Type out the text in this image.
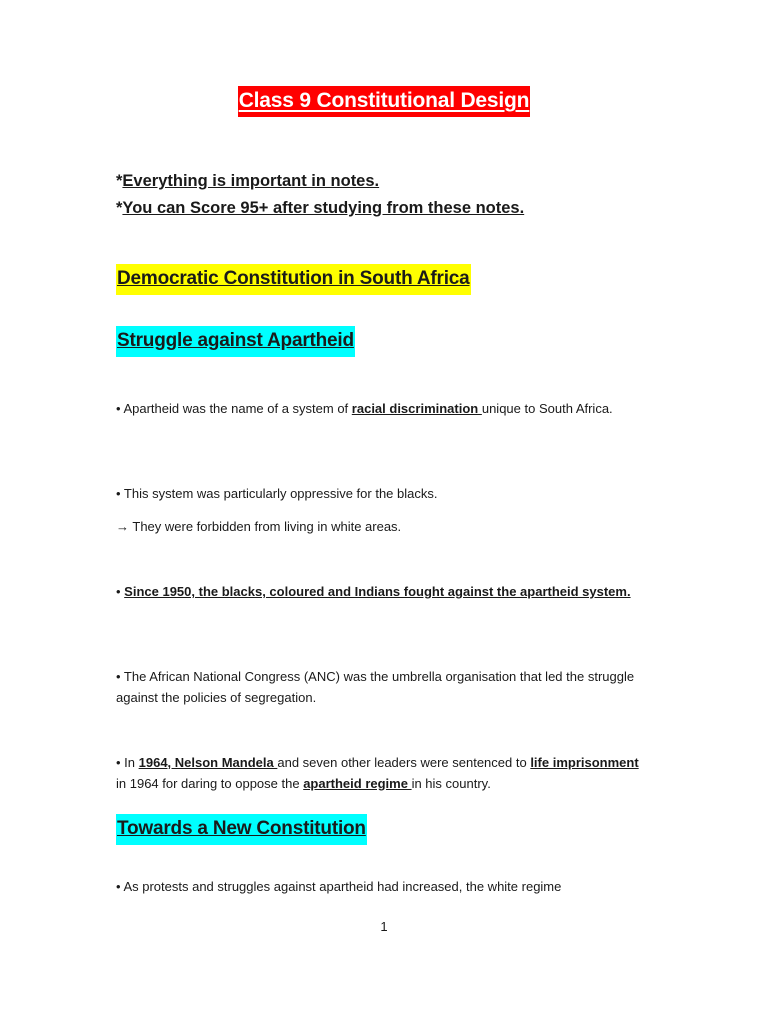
Class 9 Constitutional Design
*Everything is important in notes.
*You can Score 95+ after studying from these notes.
Democratic Constitution in South Africa
Struggle against Apartheid
• Apartheid was the name of a system of racial discrimination unique to South Africa.
• This system was particularly oppressive for the blacks.
→ They were forbidden from living in white areas.
• Since 1950, the blacks, coloured and Indians fought against the apartheid system.
• The African National Congress (ANC) was the umbrella organisation that led the struggle against the policies of segregation.
• In 1964, Nelson Mandela and seven other leaders were sentenced to life imprisonment in 1964 for daring to oppose the apartheid regime in his country.
Towards a New Constitution
• As protests and struggles against apartheid had increased, the white regime
1
